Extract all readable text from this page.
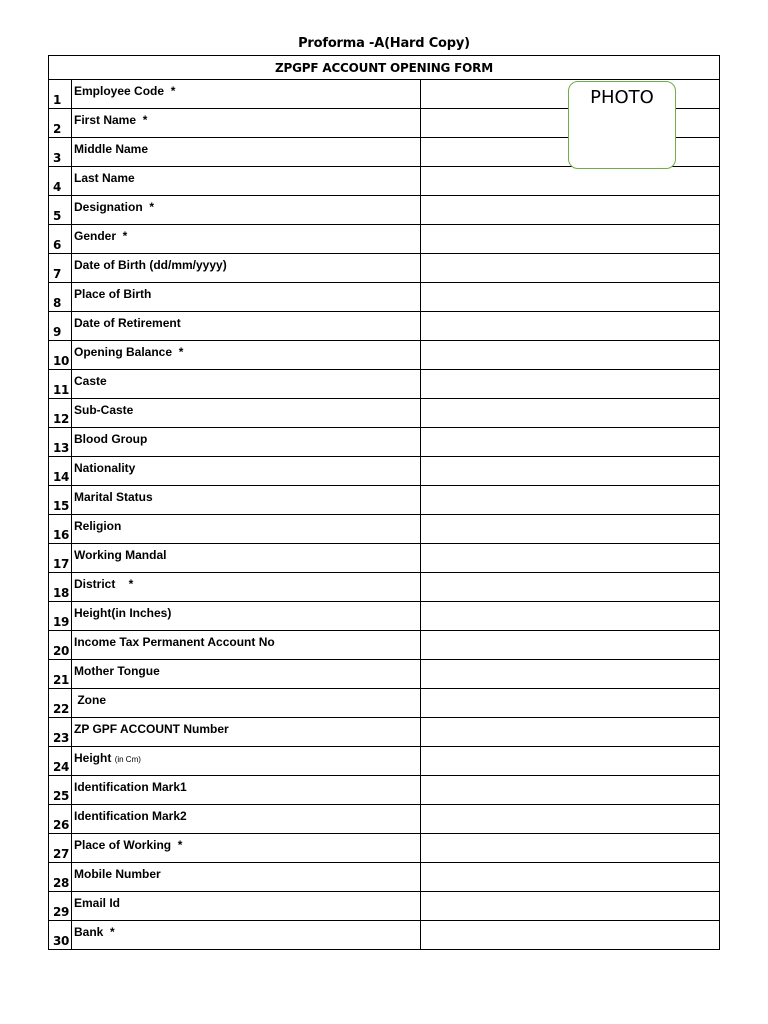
Proforma -A(Hard Copy)
ZPGPF ACCOUNT OPENING FORM		
1	Employee Code  *	
2	First Name  *	
3	Middle Name	
4	Last Name	
5	Designation  *	
6	Gender  *	
7	Date of Birth (dd/mm/yyyy)	
8	Place of Birth	
9	Date of Retirement	
10	Opening Balance  *	
11	Caste	
12	Sub-Caste	
13	Blood Group	
14	Nationality	
15	Marital Status	
16	Religion	
17	Working Mandal	
18	District    *	
19	Height(in Inches)	
20	Income Tax Permanent Account No	
21	Mother Tongue	
22	Zone	
23	ZP GPF ACCOUNT Number	
24	Height (in Cm)	
25	Identification Mark1	
26	Identification Mark2	
27	Place of Working  *	
28	Mobile Number	
29	Email Id	
30	Bank  *	
PHOTO
